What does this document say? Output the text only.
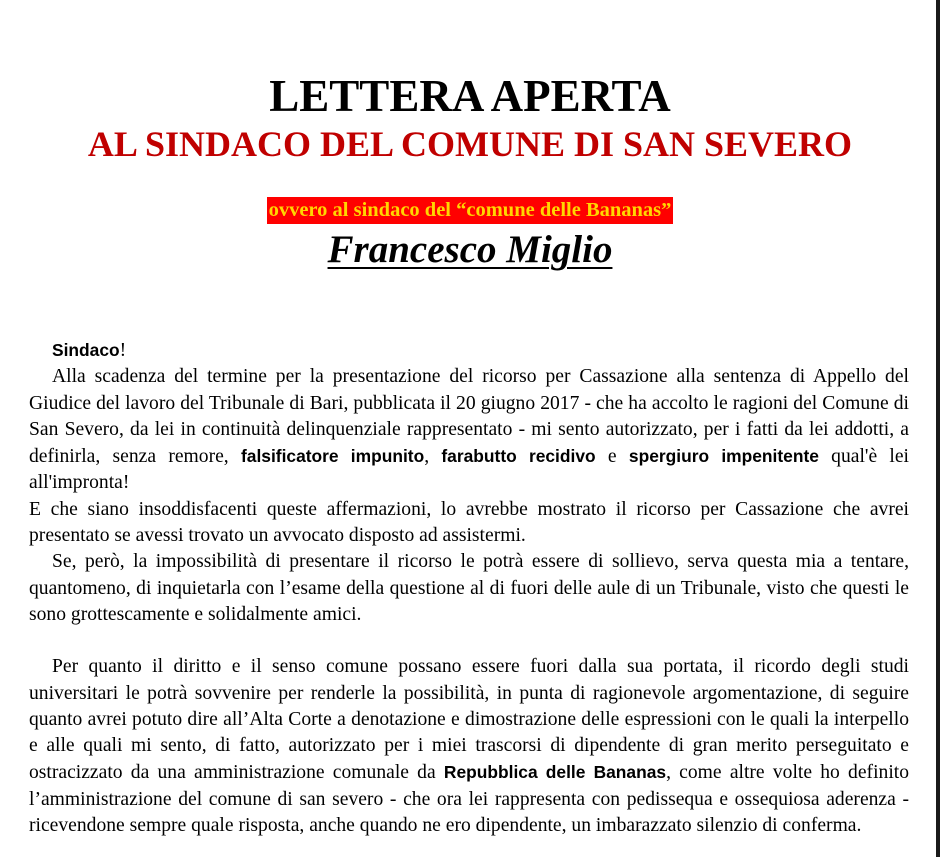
LETTERA APERTA
AL SINDACO DEL COMUNE DI SAN SEVERO
ovvero al sindaco del “comune delle Bananas”
Francesco Miglio

Sindaco!

Alla scadenza del termine per la presentazione del ricorso per Cassazione alla sentenza di Appello del Giudice del lavoro del Tribunale di Bari, pubblicata il 20 giugno 2017 - che ha accolto le ragioni del Comune di San Severo, da lei in continuità delinquenziale rappresentato - mi sento autorizzato, per i fatti da lei addotti, a definirla, senza remore, falsificatore impunito, farabutto recidivo e spergiuro impenitente qual'è lei all'impronta!

E che siano insoddisfacenti queste affermazioni, lo avrebbe mostrato il ricorso per Cassazione che avrei presentato se avessi trovato un avvocato disposto ad assistermi.

Se, però, la impossibilità di presentare il ricorso le potrà essere di sollievo, serva questa mia a tentare, quantomeno, di inquietarla con l’esame della questione al di fuori delle aule di un Tribunale, visto che questi le sono grottescamente e solidalmente amici.

Per quanto il diritto e il senso comune possano essere fuori dalla sua portata, il ricordo degli studi universitari le potrà sovvenire per renderle la possibilità, in punta di ragionevole argomentazione, di seguire quanto avrei potuto dire all’Alta Corte a denotazione e dimostrazione delle espressioni con le quali la interpello e alle quali mi sento, di fatto, autorizzato per i miei trascorsi di dipendente di gran merito perseguitato e ostracizzato da una amministrazione comunale da Repubblica delle Bananas, come altre volte ho definito l’amministrazione del comune di san severo - che ora lei rappresenta con pedissequa e ossequiosa aderenza - ricevendone sempre quale risposta, anche quando ne ero dipendente, un imbarazzato silenzio di conferma.
